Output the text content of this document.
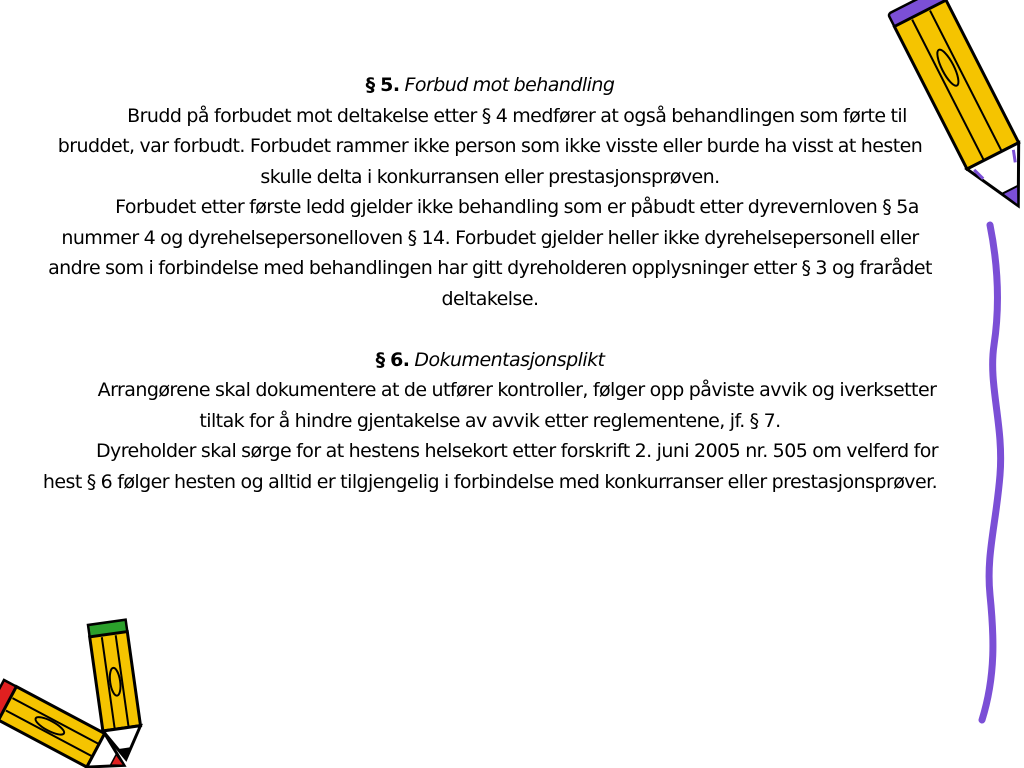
§ 5. Forbud mot behandling

Brudd på forbudet mot deltakelse etter § 4 medfører at også behandlingen som førte til bruddet, var forbudt. Forbudet rammer ikke person som ikke visste eller burde ha visst at hesten skulle delta i konkurransen eller prestasjonsprøven.

Forbudet etter første ledd gjelder ikke behandling som er påbudt etter dyrevernloven § 5a nummer 4 og dyrehelsepersonelloven § 14. Forbudet gjelder heller ikke dyrehelsepersonell eller andre som i forbindelse med behandlingen har gitt dyreholderen opplysninger etter § 3 og frarådet deltakelse.

§ 6. Dokumentasjonsplikt

Arrangørene skal dokumentere at de utfører kontroller, følger opp påviste avvik og iverksetter tiltak for å hindre gjentakelse av avvik etter reglementene, jf. § 7.

Dyreholder skal sørge for at hestens helsekort etter forskrift 2. juni 2005 nr. 505 om velferd for hest § 6 følger hesten og alltid er tilgjengelig i forbindelse med konkurranser eller prestasjonsprøver.
